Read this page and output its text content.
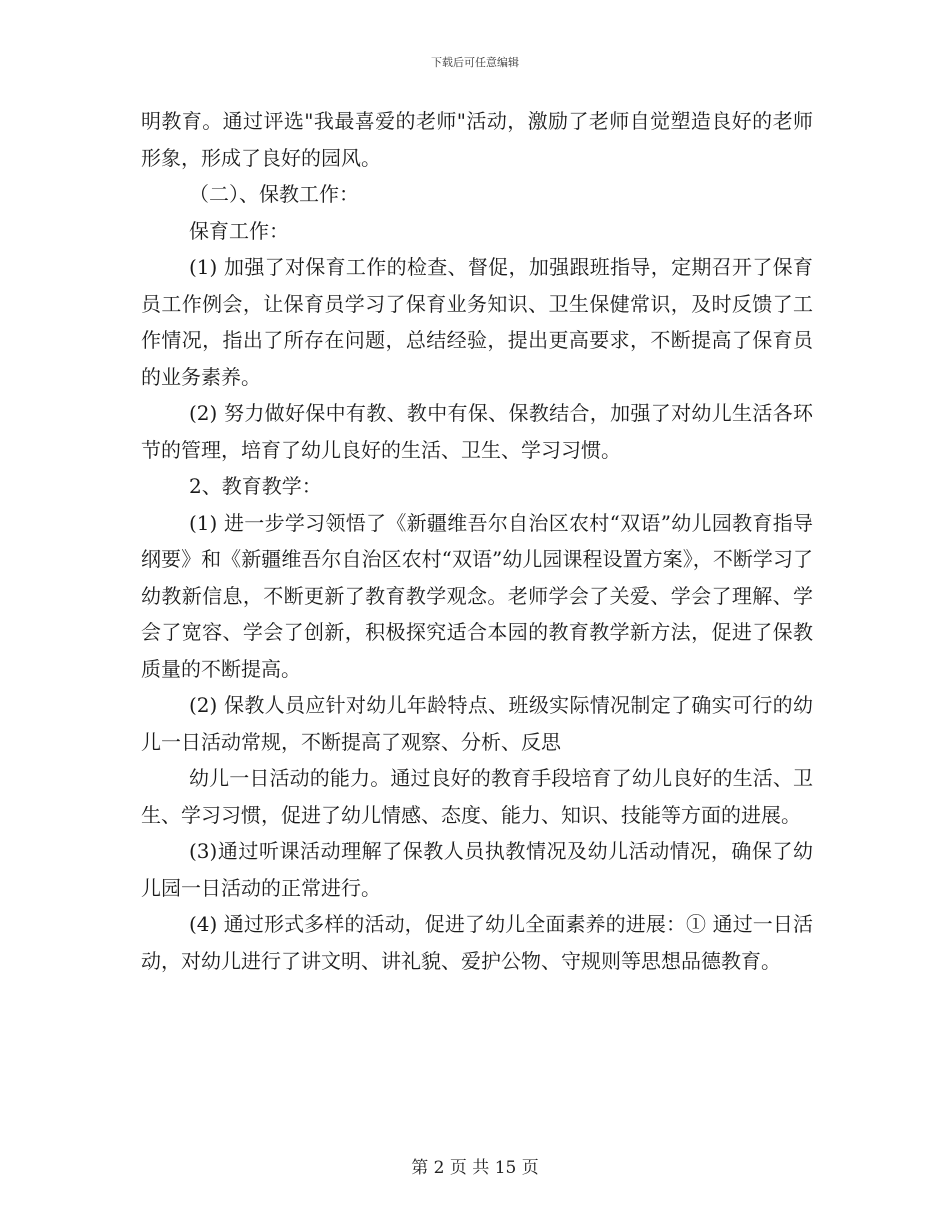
下载后可任意编辑

明教育。通过评选"我最喜爱的老师"活动，激励了老师自觉塑造良好的老师形象，形成了良好的园风。

（二）、保教工作：

保育工作：

(1) 加强了对保育工作的检查、督促，加强跟班指导，定期召开了保育员工作例会，让保育员学习了保育业务知识、卫生保健常识，及时反馈了工作情况，指出了所存在问题，总结经验，提出更高要求，不断提高了保育员的业务素养。

(2) 努力做好保中有教、教中有保、保教结合，加强了对幼儿生活各环节的管理，培育了幼儿良好的生活、卫生、学习习惯。

2、教育教学：

(1) 进一步学习领悟了《新疆维吾尔自治区农村“双语”幼儿园教育指导纲要》和《新疆维吾尔自治区农村“双语”幼儿园课程设置方案》，不断学习了幼教新信息，不断更新了教育教学观念。老师学会了关爱、学会了理解、学会了宽容、学会了创新，积极探究适合本园的教育教学新方法，促进了保教质量的不断提高。

(2) 保教人员应针对幼儿年龄特点、班级实际情况制定了确实可行的幼儿一日活动常规，不断提高了观察、分析、反思

幼儿一日活动的能力。通过良好的教育手段培育了幼儿良好的生活、卫生、学习习惯，促进了幼儿情感、态度、能力、知识、技能等方面的进展。

(3)通过听课活动理解了保教人员执教情况及幼儿活动情况，确保了幼儿园一日活动的正常进行。

(4) 通过形式多样的活动，促进了幼儿全面素养的进展：① 通过一日活动，对幼儿进行了讲文明、讲礼貌、爱护公物、守规则等思想品德教育。

第 2 页 共 15 页
